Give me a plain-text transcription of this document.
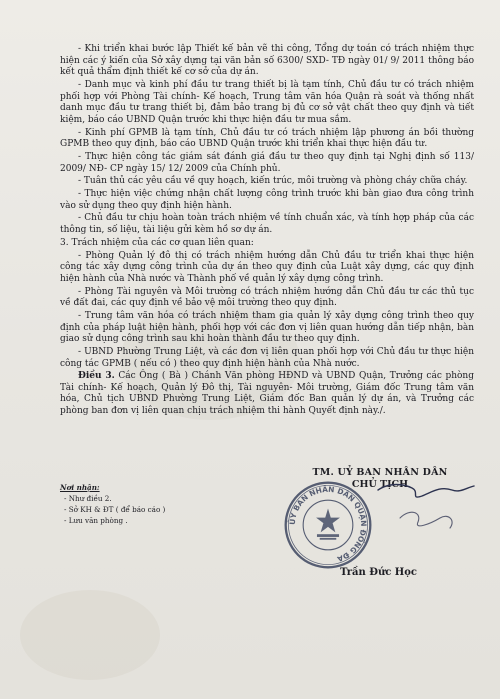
- Khi triển khai bước lập Thiết kế bản vẽ thi công, Tổng dự toán có trách nhiệm thực hiện các ý kiến của Sở xây dựng tại văn bản số 6300/ SXD- TĐ ngày 01/ 9/ 2011 thông báo kết quả thẩm định thiết kế cơ sở của dự án.

- Danh mục và kinh phí đầu tư trang thiết bị là tạm tính, Chủ đầu tư có trách nhiệm phối hợp với Phòng Tài chính- Kế hoạch, Trung tâm văn hóa Quận rà soát và thống nhất danh mục đầu tư trang thiết bị, đảm bảo trang bị đủ cơ sở vật chất theo quy định và tiết kiệm, báo cáo UBND Quận trước khi thực hiện đầu tư mua sắm.

- Kinh phí GPMB là tạm tính, Chủ đầu tư có trách nhiệm lập phương án bồi thường GPMB theo quy định, báo cáo UBND Quận trước khi triển khai thực hiện đầu tư.

- Thực hiện công tác giám sát đánh giá đầu tư theo quy định tại Nghị định số 113/ 2009/ NĐ- CP ngày 15/ 12/ 2009 của Chính phủ.

- Tuân thủ các yêu cầu về quy hoạch, kiến trúc, môi trường và phòng cháy chữa cháy.

- Thực hiện việc chứng nhận chất lượng công trình trước khi bàn giao đưa công trình vào sử dụng theo quy định hiện hành.

- Chủ đầu tư chịu hoàn toàn trách nhiệm về tính chuẩn xác, và tính hợp pháp của các thông tin, số liệu, tài liệu gửi kèm hồ sơ dự án.

3. Trách nhiệm của các cơ quan liên quan:

- Phòng Quản lý đô thị có trách nhiệm hướng dẫn Chủ đầu tư triển khai thực hiện công tác xây dựng công trình của dự án theo quy định của Luật xây dựng, các quy định hiện hành của Nhà nước và Thành phố về quản lý xây dựng công trình.

- Phòng Tài nguyên và Môi trường có trách nhiệm hướng dẫn Chủ đầu tư các thủ tục về đất đai, các quy định về bảo vệ môi trường theo quy định.

- Trung tâm văn hóa có trách nhiệm tham gia quản lý xây dựng công trình theo quy định của pháp luật hiện hành, phối hợp với các đơn vị liên quan hướng dẫn tiếp nhận, bàn giao sử dụng công trình sau khi hoàn thành đầu tư theo quy định.

- UBND Phường Trung Liệt, và các đơn vị liên quan phối hợp với Chủ đầu tư thực hiện công tác GPMB ( nếu có ) theo quy định hiện hành của Nhà nước.

Điều 3. Các Ông ( Bà ) Chánh Văn phòng HĐND và UBND Quận, Trưởng các phòng Tài chính- Kế hoạch, Quản lý Đô thị, Tài nguyên- Môi trường, Giám đốc Trung tâm văn hóa, Chủ tịch UBND Phường Trung Liệt, Giám đốc Ban quản lý dự án, và Trưởng các phòng ban đơn vị liên quan chịu trách nhiệm thi hành Quyết định này./.

Nơi nhận:
- Như điều 2.
- Sở KH & ĐT ( để báo cáo )
- Lưu văn phòng .
TM. UỶ BAN NHÂN DÂN
CHỦ TỊCH
ỦY BAN NHÂN DÂN QUẬN ĐỐNG ĐA
Trần Đức Học
